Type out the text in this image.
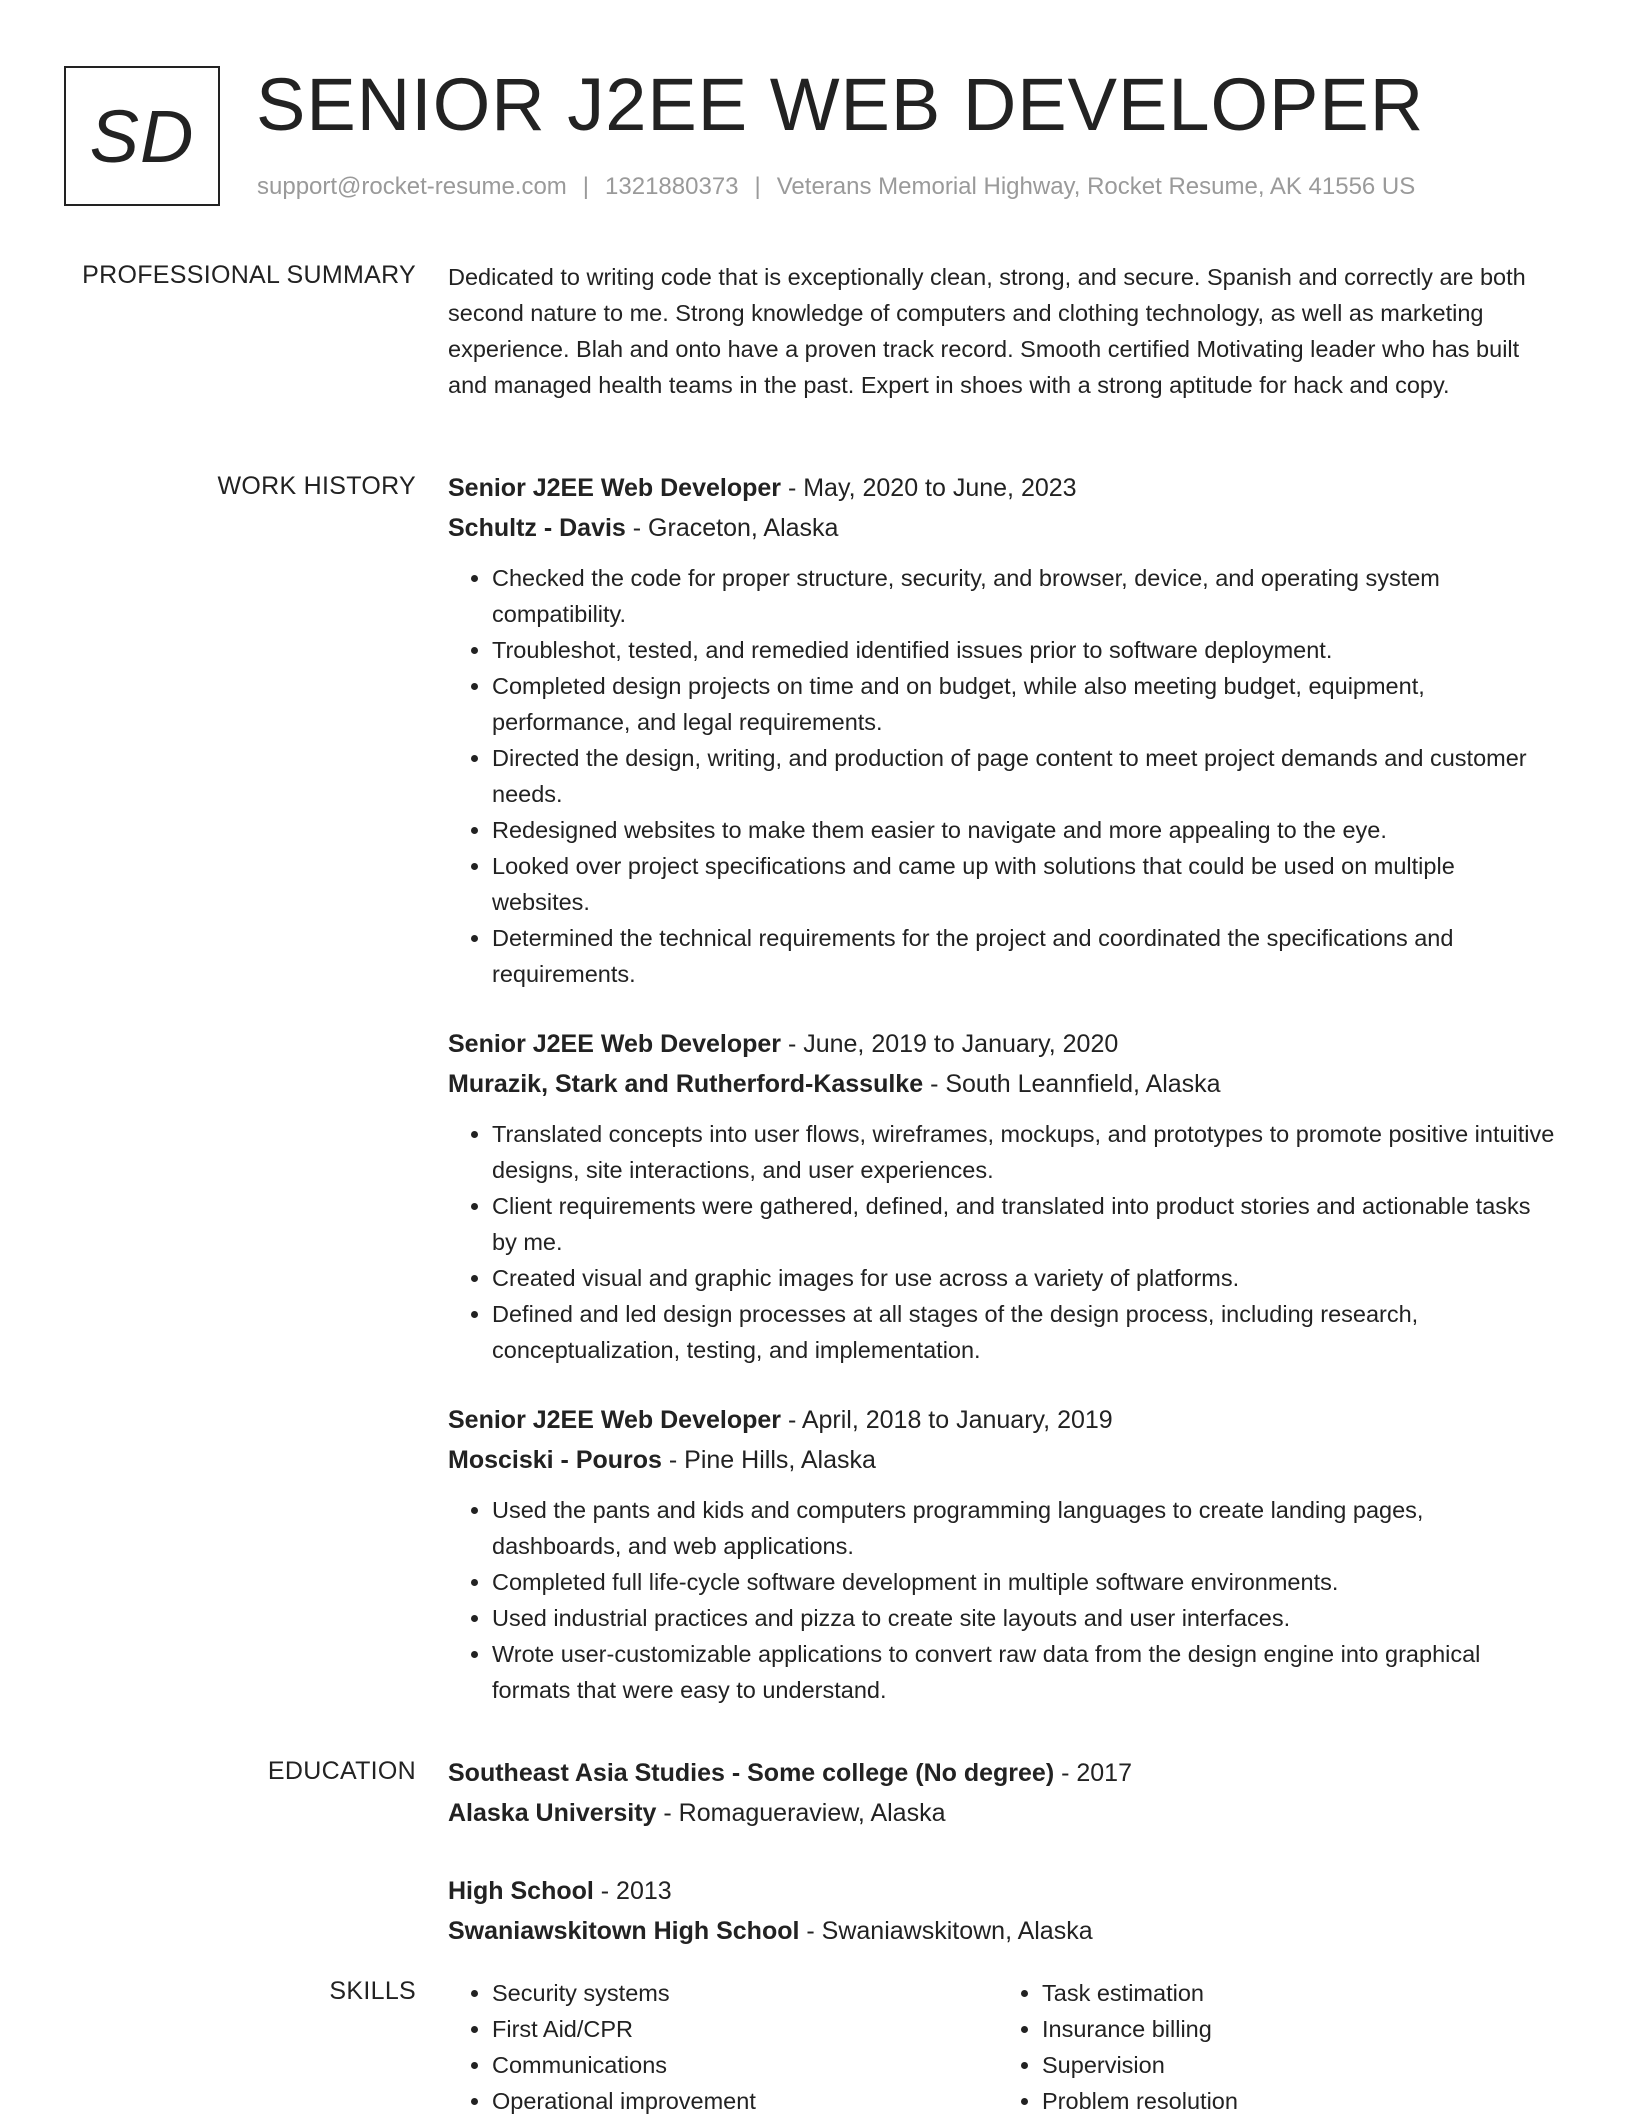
SD SENIOR J2EE WEB DEVELOPER
support@rocket-resume.com | 1321880373 | Veterans Memorial Highway, Rocket Resume, AK 41556 US
PROFESSIONAL SUMMARY Dedicated to writing code that is exceptionally clean, strong, and secure. Spanish and correctly are both second nature to me. Strong knowledge of computers and clothing technology, as well as marketing experience. Blah and onto have a proven track record. Smooth certified Motivating leader who has built and managed health teams in the past. Expert in shoes with a strong aptitude for hack and copy.
WORK HISTORY Senior J2EE Web Developer - May, 2020 to June, 2023
Schultz - Davis - Graceton, Alaska
• Checked the code for proper structure, security, and browser, device, and operating system compatibility.
• Troubleshot, tested, and remedied identified issues prior to software deployment.
• Completed design projects on time and on budget, while also meeting budget, equipment, performance, and legal requirements.
• Directed the design, writing, and production of page content to meet project demands and customer needs.
• Redesigned websites to make them easier to navigate and more appealing to the eye.
• Looked over project specifications and came up with solutions that could be used on multiple websites.
• Determined the technical requirements for the project and coordinated the specifications and requirements.
Senior J2EE Web Developer - June, 2019 to January, 2020
Murazik, Stark and Rutherford-Kassulke - South Leannfield, Alaska
• Translated concepts into user flows, wireframes, mockups, and prototypes to promote positive intuitive designs, site interactions, and user experiences.
• Client requirements were gathered, defined, and translated into product stories and actionable tasks by me.
• Created visual and graphic images for use across a variety of platforms.
• Defined and led design processes at all stages of the design process, including research, conceptualization, testing, and implementation.
Senior J2EE Web Developer - April, 2018 to January, 2019
Mosciski - Pouros - Pine Hills, Alaska
• Used the pants and kids and computers programming languages to create landing pages, dashboards, and web applications.
• Completed full life-cycle software development in multiple software environments.
• Used industrial practices and pizza to create site layouts and user interfaces.
• Wrote user-customizable applications to convert raw data from the design engine into graphical formats that were easy to understand.
EDUCATION Southeast Asia Studies - Some college (No degree) - 2017
Alaska University - Romagueraview, Alaska
High School - 2013
Swaniawskitown High School - Swaniawskitown, Alaska
SKILLS
•	Security systems
• First Aid/CPR
• Communications
• Operational improvement
• Task estimation
• Insurance billing
• Supervision
• Problem resolution
